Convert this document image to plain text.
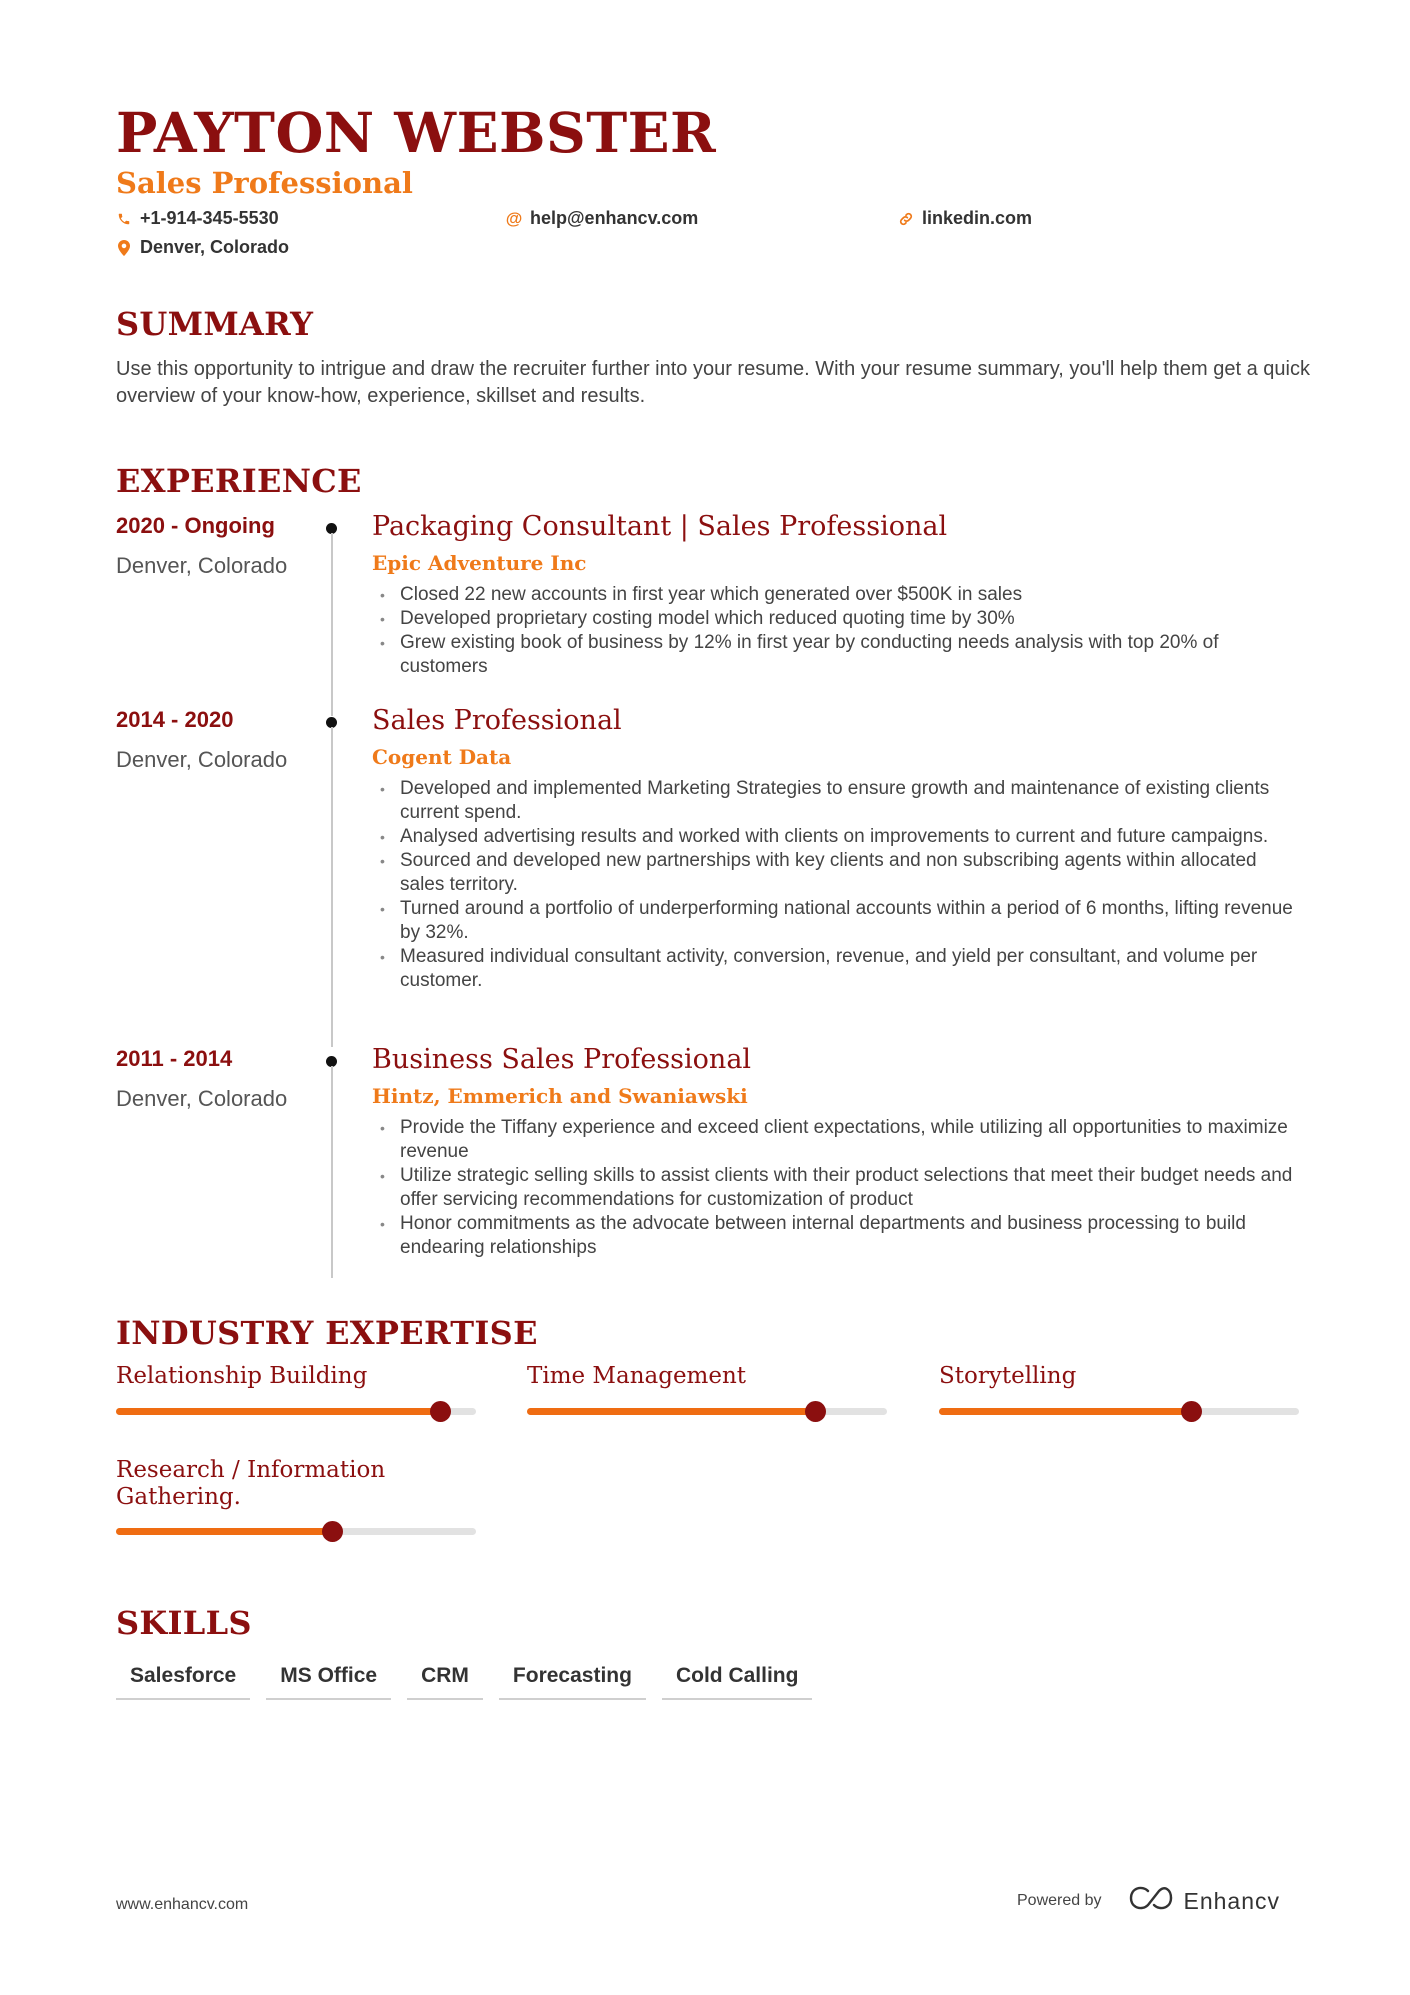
PAYTON WEBSTER
Sales Professional
+1-914-345-5530	@ help@enhancv.com	linkedin.com
Denver, Colorado
SUMMARY
Use this opportunity to intrigue and draw the recruiter further into your resume. With your resume summary, you'll help them get a quick overview of your know-how, experience, skillset and results.
EXPERIENCE
2020 - Ongoing
Denver, Colorado
Packaging Consultant | Sales Professional
Epic Adventure Inc
• Closed 22 new accounts in first year which generated over $500K in sales
• Developed proprietary costing model which reduced quoting time by 30%
• Grew existing book of business by 12% in first year by conducting needs analysis with top 20% of customers
2014 - 2020
Denver, Colorado
Sales Professional
Cogent Data
• Developed and implemented Marketing Strategies to ensure growth and maintenance of existing clients current spend.
• Analysed advertising results and worked with clients on improvements to current and future campaigns.
• Sourced and developed new partnerships with key clients and non subscribing agents within allocated sales territory.
• Turned around a portfolio of underperforming national accounts within a period of 6 months, lifting revenue by 32%.
• Measured individual consultant activity, conversion, revenue, and yield per consultant, and volume per customer.
2011 - 2014
Denver, Colorado
Business Sales Professional
Hintz, Emmerich and Swaniawski
• Provide the Tiffany experience and exceed client expectations, while utilizing all opportunities to maximize revenue
• Utilize strategic selling skills to assist clients with their product selections that meet their budget needs and offer servicing recommendations for customization of product
• Honor commitments as the advocate between internal departments and business processing to build endearing relationships
INDUSTRY EXPERTISE
Relationship Building	Time Management	Storytelling
Research / Information Gathering.
SKILLS
Salesforce	MS Office	CRM	Forecasting	Cold Calling
www.enhancv.com	Powered by	Enhancv
